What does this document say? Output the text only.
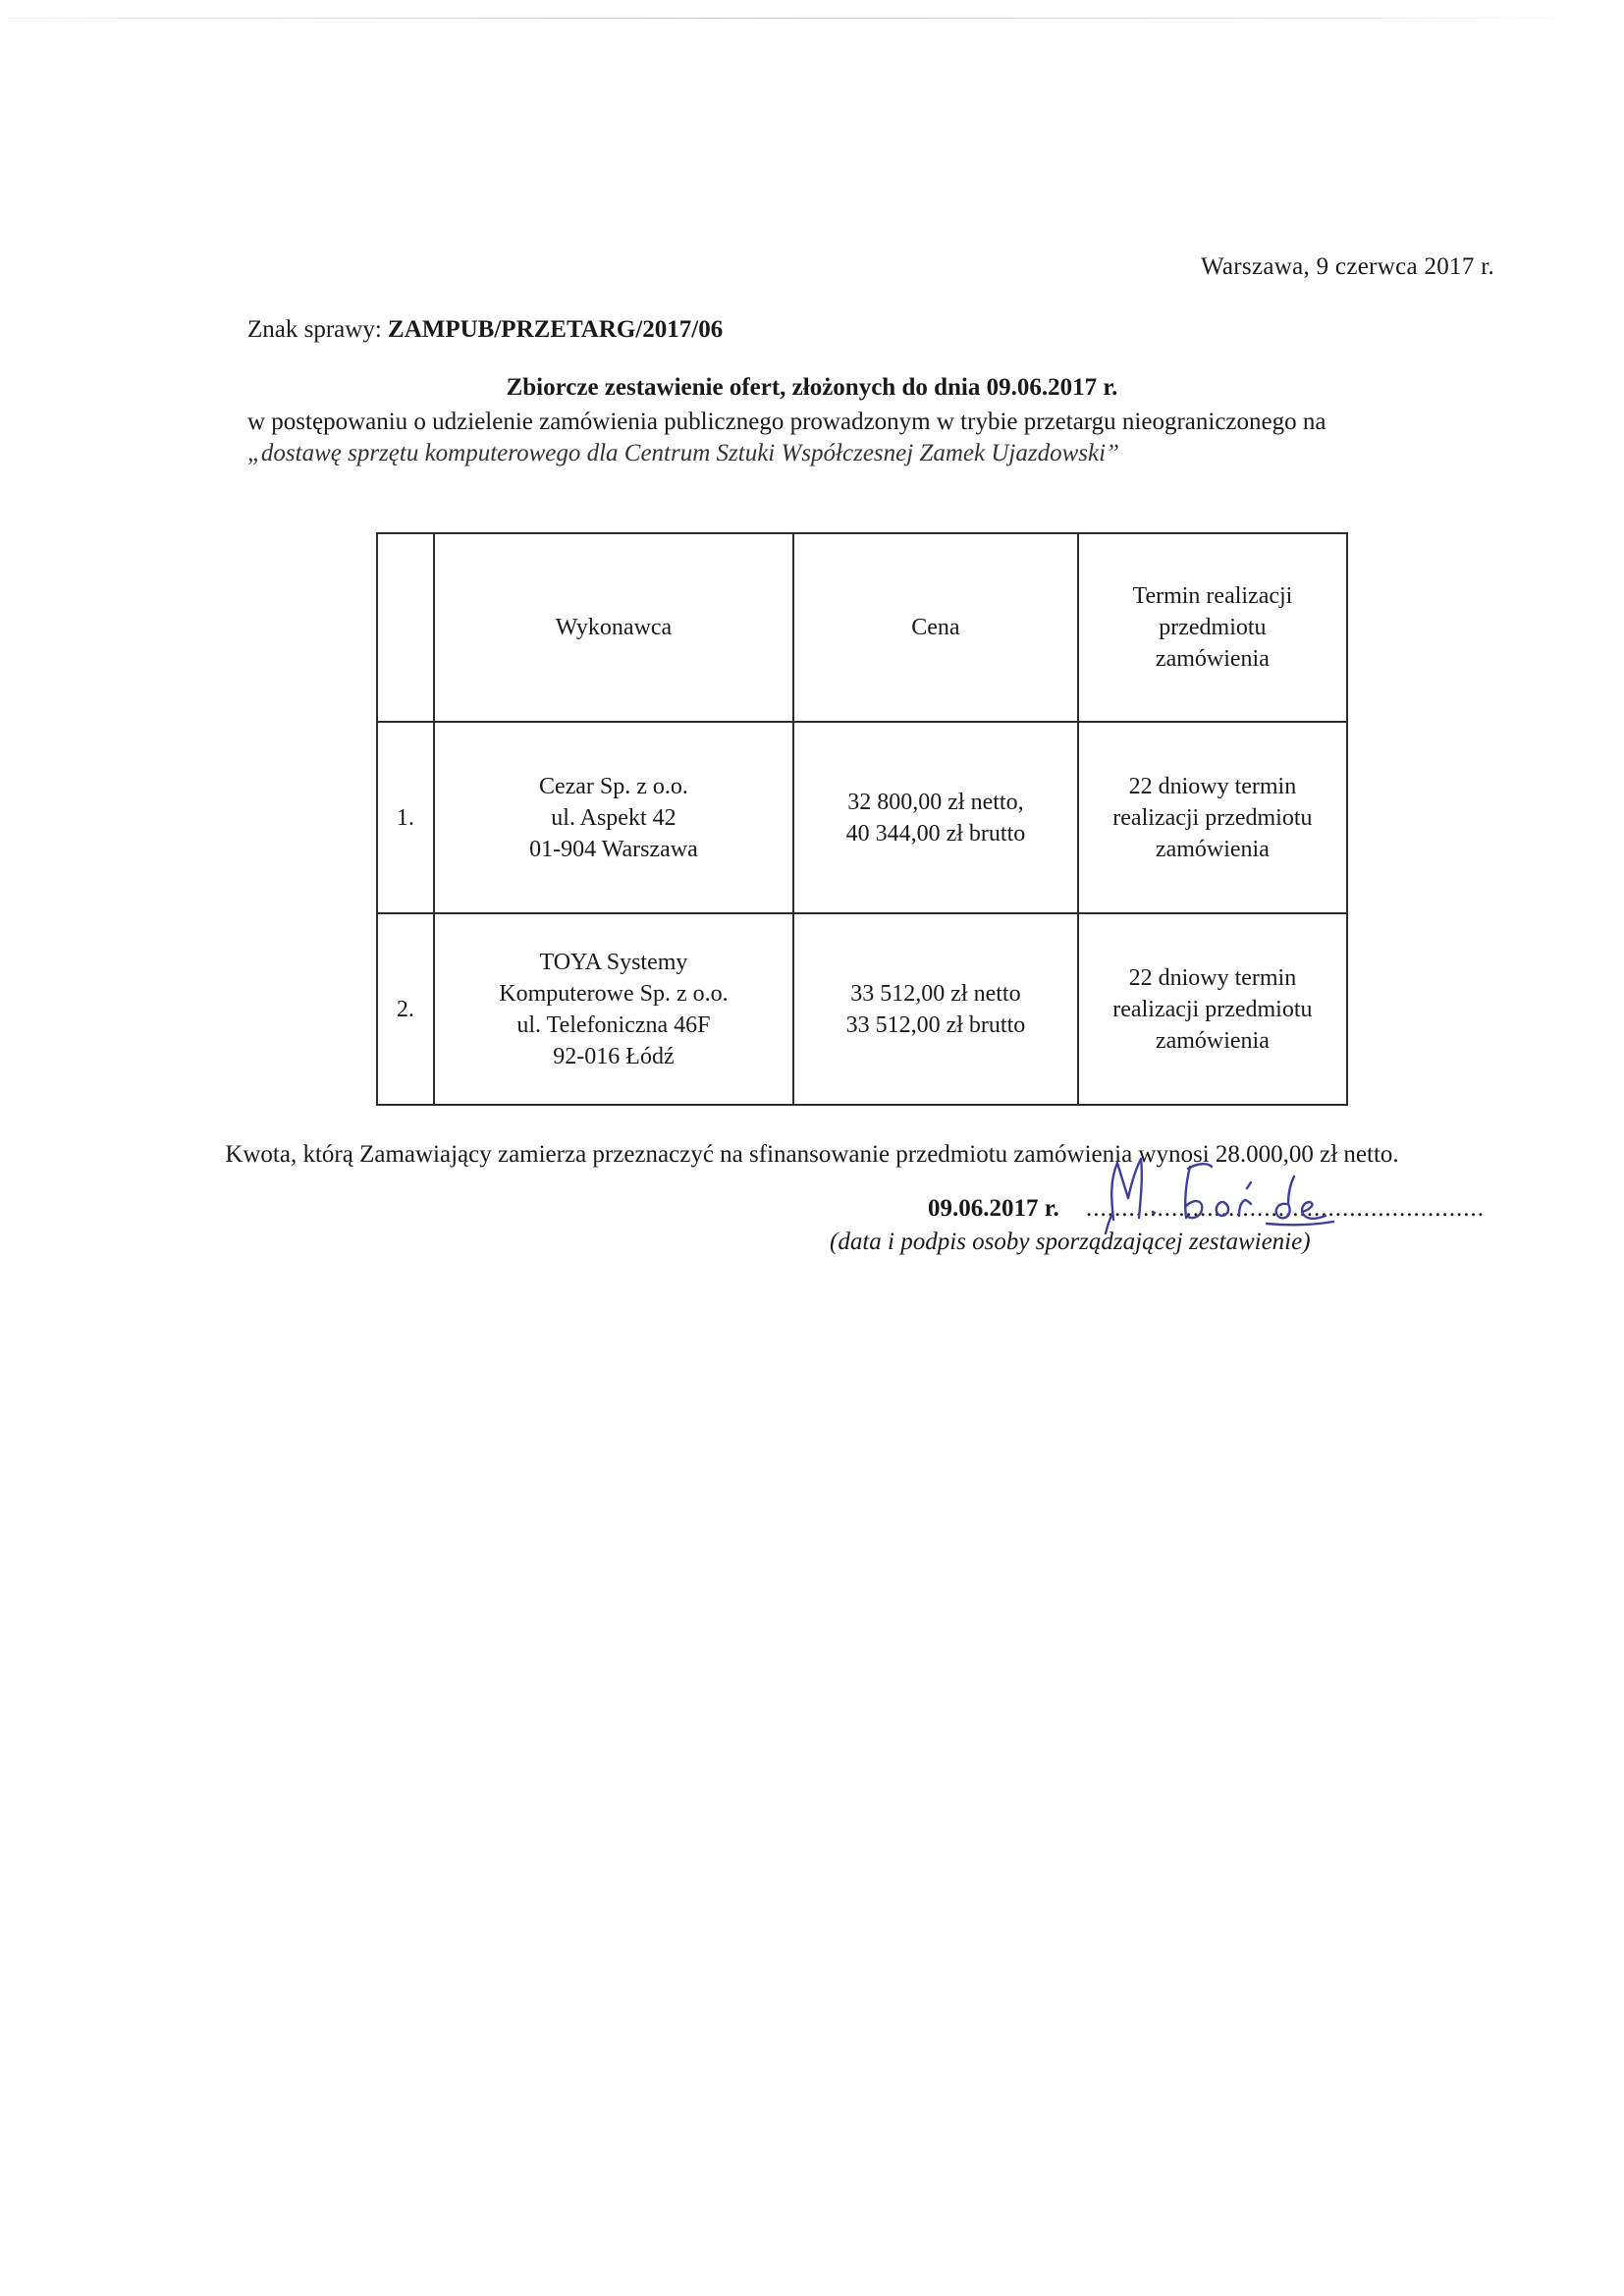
Warszawa, 9 czerwca 2017 r.
Znak sprawy: ZAMPUB/PRZETARG/2017/06
Zbiorcze zestawienie ofert, złożonych do dnia 09.06.2017 r.
w postępowaniu o udzielenie zamówienia publicznego prowadzonym w trybie przetargu nieograniczonego na
„dostawę sprzętu komputerowego dla Centrum Sztuki Współczesnej Zamek Ujazdowski”
	Wykonawca	Cena	Termin realizacji
przedmiotu
zamówienia
1.	Cezar Sp. z o.o.
ul. Aspekt 42
01-904 Warszawa	32 800,00 zł netto,
40 344,00 zł brutto	22 dniowy termin
realizacji przedmiotu
zamówienia
2.	TOYA Systemy
Komputerowe Sp. z o.o.
ul. Telefoniczna 46F
92-016 Łódź	33 512,00 zł netto
33 512,00 zł brutto	22 dniowy termin
realizacji przedmiotu
zamówienia
Kwota, którą Zamawiający zamierza przeznaczyć na sfinansowanie przedmiotu zamówienia wynosi 28.000,00 zł netto.
09.06.2017 r. ........................................................
(data i podpis osoby sporządzającej zestawienie)
